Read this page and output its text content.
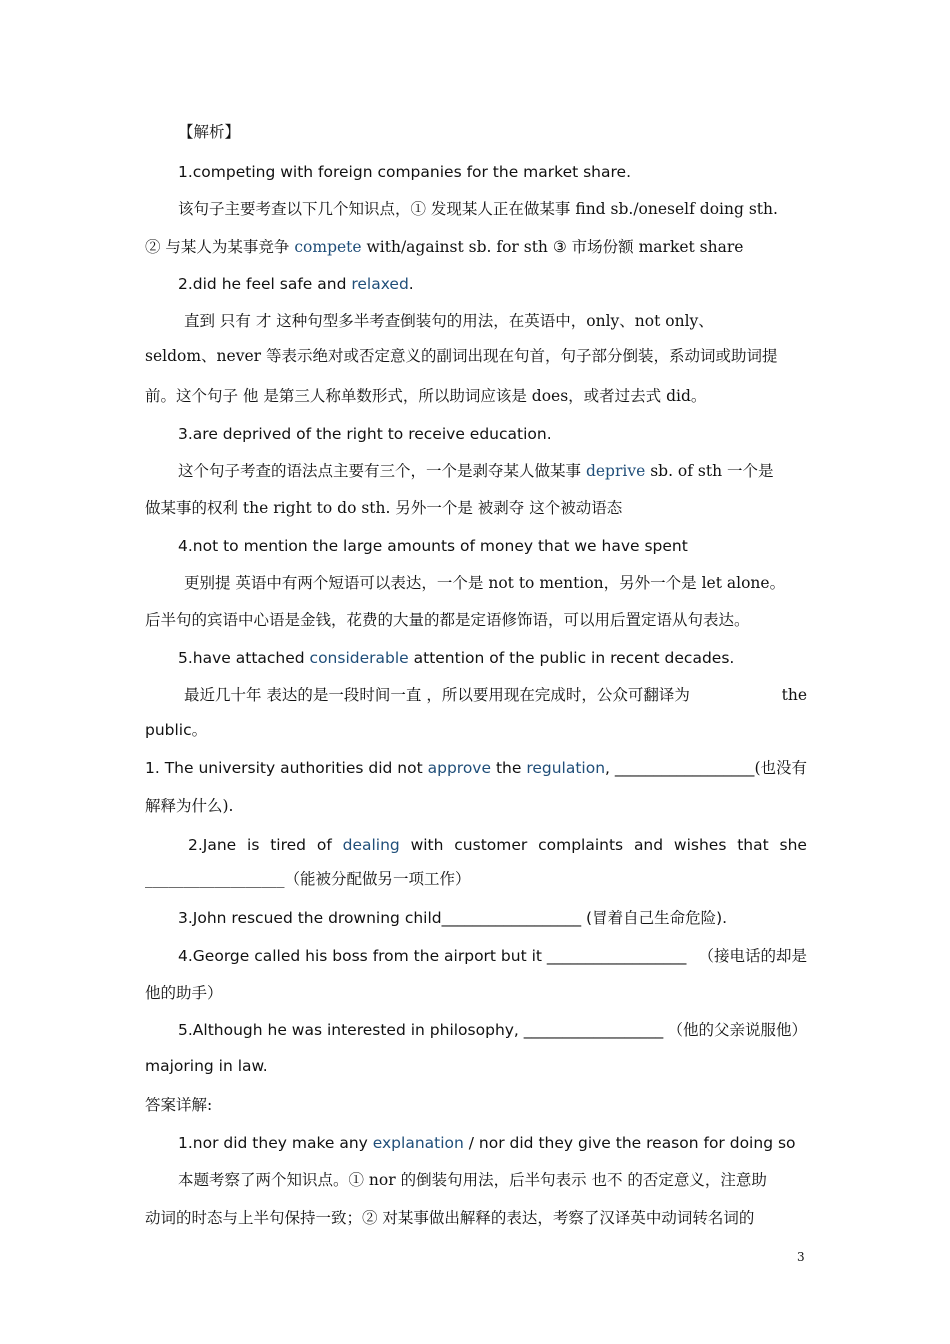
【解析】
1.competing with foreign companies for the market share.
该句子主要考查以下几个知识点，① 发现某人正在做某事 find sb./oneself doing sth.
② 与某人为某事竞争 compete with/against sb. for sth ③ 市场份额 market share
2.did he feel safe and relaxed.
直到 只有 才 这种句型多半考查倒装句的用法，在英语中，only、not only、
seldom、never 等表示绝对或否定意义的副词出现在句首，句子部分倒装，系动词或助词提
前。这个句子 他 是第三人称单数形式，所以助词应该是 does，或者过去式 did。
3.are deprived of the right to receive education.
这个句子考查的语法点主要有三个，一个是剥夺某人做某事 deprive sb. of sth 一个是
做某事的权利 the right to do sth. 另外一个是 被剥夺 这个被动语态
4.not to mention the large amounts of money that we have spent
更别提 英语中有两个短语可以表达，一个是 not to mention，另外一个是 let alone。
后半句的宾语中心语是金钱，花费的大量的都是定语修饰语，可以用后置定语从句表达。
5.have attached considerable attention of the public in recent decades.
最近几十年 表达的是一段时间一直 ，所以要用现在完成时，公众可翻译为	the
public。
1. The university authorities did not approve the regulation, __________________ (也没有
解释为什么).
2.Jane is tired of dealing with customer complaints and wishes that she
__________________（能被分配做另一项工作）
3.John rescued the drowning child__________________ (冒着自己生命危险).
4.George called his boss from the airport but it __________________ （接电话的却是
他的助手）
5.Although he was interested in philosophy, __________________ （他的父亲说服他）
majoring in law.
答案详解:
1.nor did they make any explanation / nor did they give the reason for doing so
本题考察了两个知识点。① nor 的倒装句用法，后半句表示 也不 的否定意义，注意助
动词的时态与上半句保持一致；② 对某事做出解释的表达，考察了汉译英中动词转名词的
3
